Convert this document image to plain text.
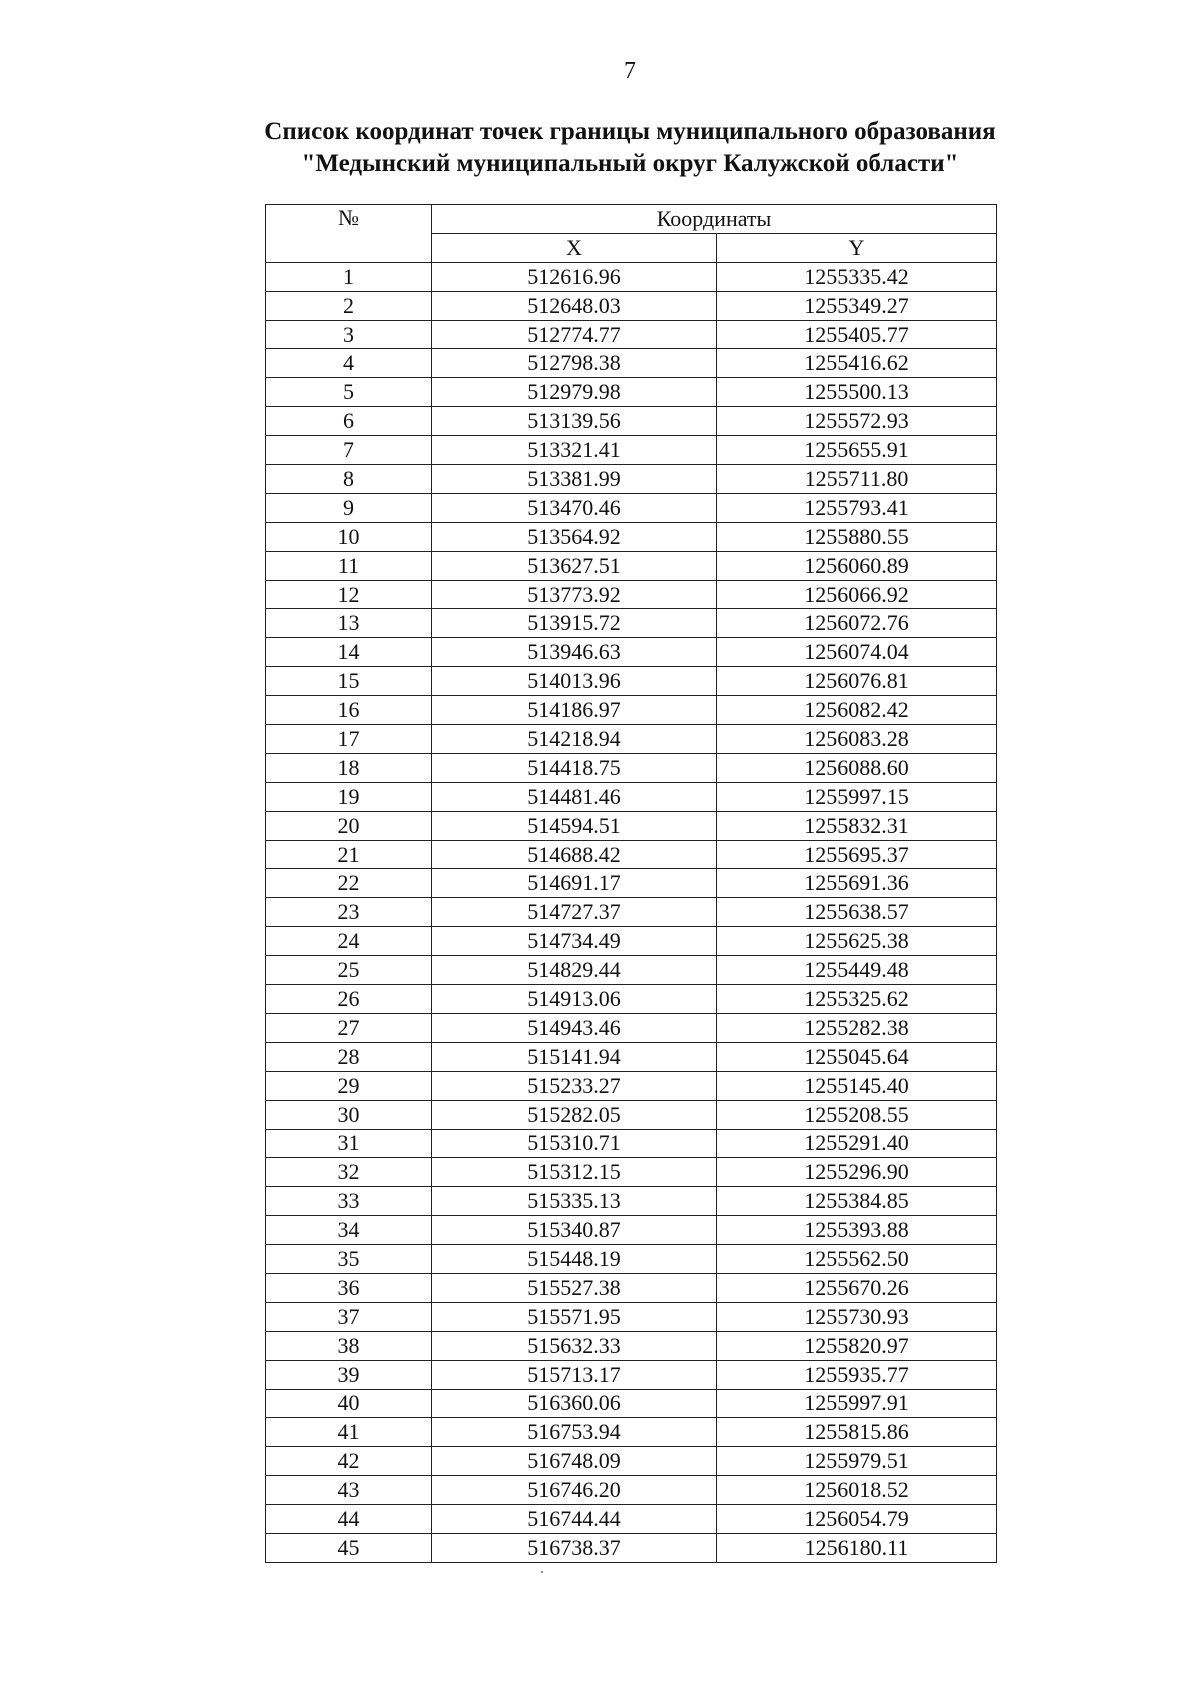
7
Список координат точек границы муниципального образования
"Медынский муниципальный округ Калужской области"
№	Координаты	
	X	Y
1	512616.96	1255335.42
2	512648.03	1255349.27
3	512774.77	1255405.77
4	512798.38	1255416.62
5	512979.98	1255500.13
6	513139.56	1255572.93
7	513321.41	1255655.91
8	513381.99	1255711.80
9	513470.46	1255793.41
10	513564.92	1255880.55
11	513627.51	1256060.89
12	513773.92	1256066.92
13	513915.72	1256072.76
14	513946.63	1256074.04
15	514013.96	1256076.81
16	514186.97	1256082.42
17	514218.94	1256083.28
18	514418.75	1256088.60
19	514481.46	1255997.15
20	514594.51	1255832.31
21	514688.42	1255695.37
22	514691.17	1255691.36
23	514727.37	1255638.57
24	514734.49	1255625.38
25	514829.44	1255449.48
26	514913.06	1255325.62
27	514943.46	1255282.38
28	515141.94	1255045.64
29	515233.27	1255145.40
30	515282.05	1255208.55
31	515310.71	1255291.40
32	515312.15	1255296.90
33	515335.13	1255384.85
34	515340.87	1255393.88
35	515448.19	1255562.50
36	515527.38	1255670.26
37	515571.95	1255730.93
38	515632.33	1255820.97
39	515713.17	1255935.77
40	516360.06	1255997.91
41	516753.94	1255815.86
42	516748.09	1255979.51
43	516746.20	1256018.52
44	516744.44	1256054.79
45	516738.37	1256180.11
